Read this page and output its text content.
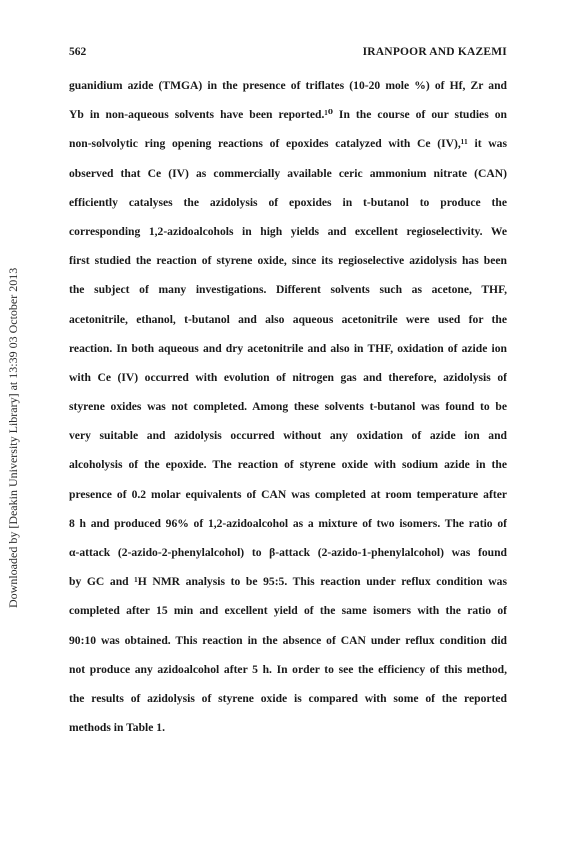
562	IRANPOOR AND KAZEMI
guanidium azide (TMGA) in the presence of triflates (10-20 mole %) of Hf, Zr and
Yb in non-aqueous solvents have been reported.¹⁰ In the course of our studies on
non-solvolytic ring opening reactions of epoxides catalyzed with Ce (IV),¹¹ it was
observed that Ce (IV) as commercially available ceric ammonium nitrate (CAN)
efficiently catalyses the azidolysis of epoxides in t-butanol to produce the
corresponding 1,2-azidoalcohols in high yields and excellent regioselectivity. We
first studied the reaction of styrene oxide, since its regioselective azidolysis has been
the subject of many investigations. Different solvents such as acetone, THF,
acetonitrile, ethanol, t-butanol and also aqueous acetonitrile were used for the
reaction. In both aqueous and dry acetonitrile and also in THF, oxidation of azide ion
with Ce (IV) occurred with evolution of nitrogen gas and therefore, azidolysis of
styrene oxides was not completed. Among these solvents t-butanol was found to be
very suitable and azidolysis occurred without any oxidation of azide ion and
alcoholysis of the epoxide. The reaction of styrene oxide with sodium azide in the
presence of 0.2 molar equivalents of CAN was completed at room temperature after
8 h and produced 96% of 1,2-azidoalcohol as a mixture of two isomers. The ratio of
α-attack (2-azido-2-phenylalcohol) to β-attack (2-azido-1-phenylalcohol) was found
by GC and ¹H NMR analysis to be 95:5. This reaction under reflux condition was
completed after 15 min and excellent yield of the same isomers with the ratio of
90:10 was obtained. This reaction in the absence of CAN under reflux condition did
not produce any azidoalcohol after 5 h. In order to see the efficiency of this method,
the results of azidolysis of styrene oxide is compared with some of the reported
methods in Table 1.
Downloaded by [Deakin University Library] at 13:39 03 October 2013
